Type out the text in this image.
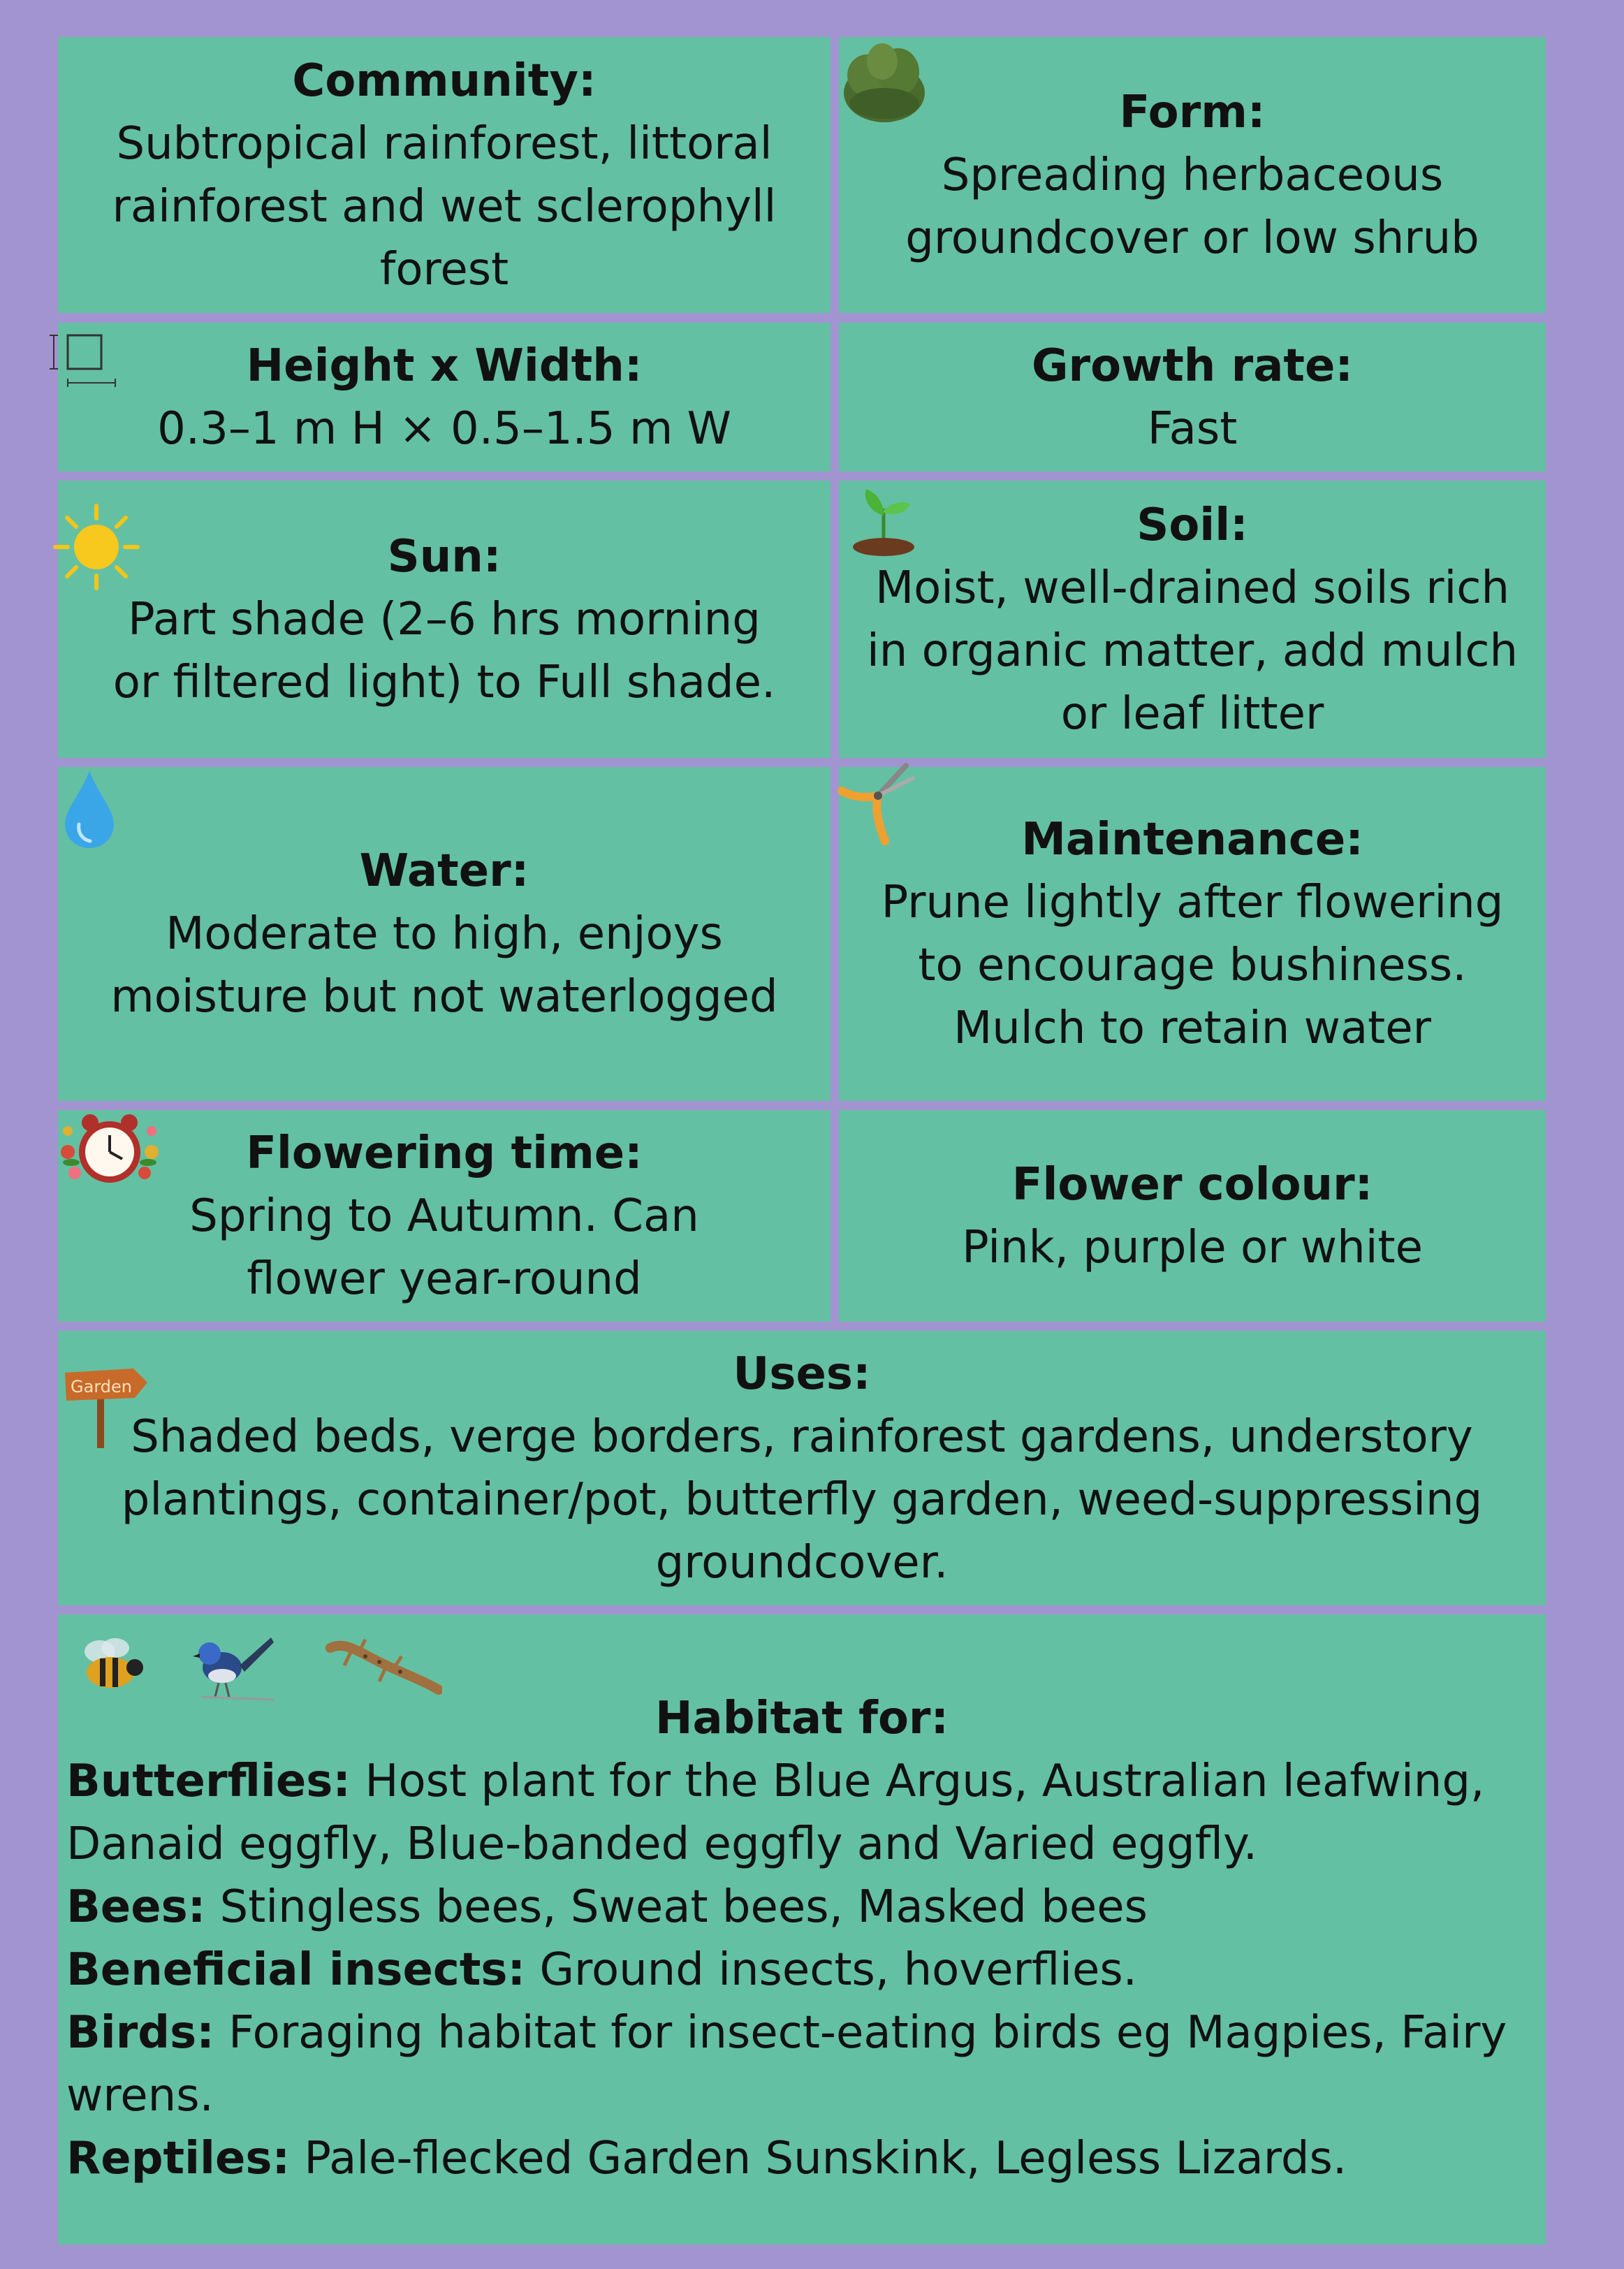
Community:

Subtropical rainforest, littoral rainforest and wet sclerophyll forest

Form:

Spreading herbaceous groundcover or low shrub

Height x Width:

0.3–1 m H × 0.5–1.5 m W

Growth rate:

Fast

Sun:

Part shade (2–6 hrs morning or filtered light) to Full shade.

Soil:

Moist, well-drained soils rich in organic matter, add mulch or leaf litter

Water:

Moderate to high, enjoys moisture but not waterlogged

Maintenance:

Prune lightly after flowering to encourage bushiness. Mulch to retain water

Flowering time:

Spring to Autumn. Can flower year-round

Flower colour:

Pink, purple or white

Garden	Uses:

Shaded beds, verge borders, rainforest gardens, understory plantings, container/pot, butterfly garden, weed-suppressing groundcover.

Habitat for:
Butterflies: Host plant for the Blue Argus, Australian leafwing, Danaid eggfly, Blue-banded eggfly and Varied eggfly.
Bees: Stingless bees, Sweat bees, Masked bees
Beneficial insects: Ground insects, hoverflies.
Birds: Foraging habitat for insect-eating birds eg Magpies, Fairy wrens.
Reptiles: Pale-flecked Garden Sunskink, Legless Lizards.
